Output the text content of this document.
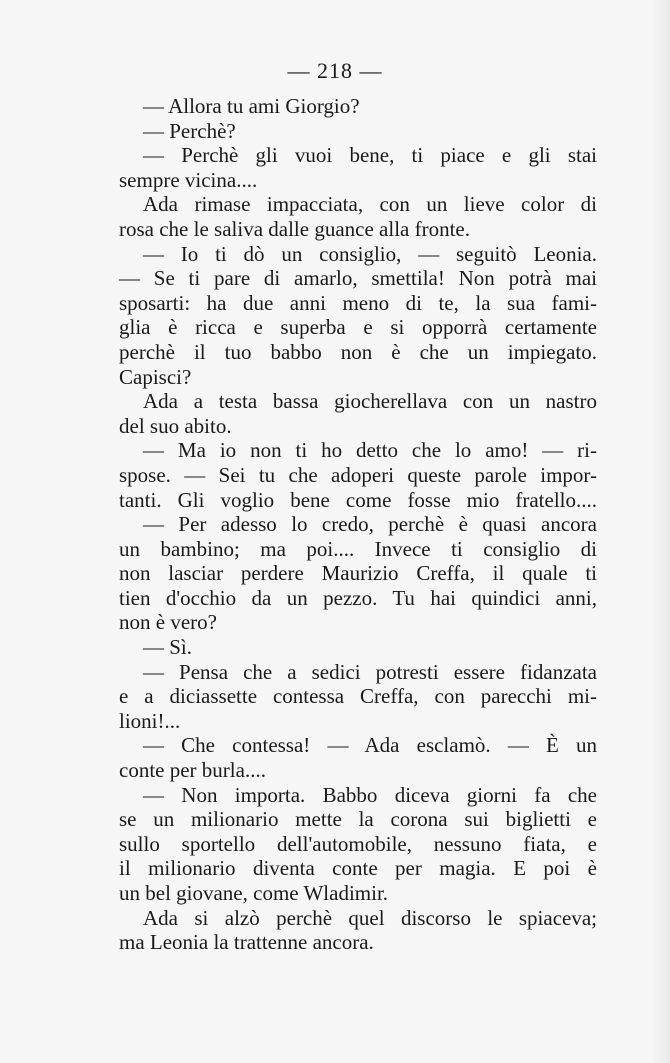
— 218 —
— Allora tu ami Giorgio?
— Perchè?
— Perchè gli vuoi bene, ti piace e gli stai
sempre vicina....
Ada rimase impacciata, con un lieve color di
rosa che le saliva dalle guance alla fronte.
— Io ti dò un consiglio, — seguitò Leonia.
— Se ti pare di amarlo, smettila! Non potrà mai
sposarti: ha due anni meno di te, la sua fami-
glia è ricca e superba e si opporrà certamente
perchè il tuo babbo non è che un impiegato.
Capisci?
Ada a testa bassa giocherellava con un nastro
del suo abito.
— Ma io non ti ho detto che lo amo! — ri-
spose. — Sei tu che adoperi queste parole impor-
tanti. Gli voglio bene come fosse mio fratello....
— Per adesso lo credo, perchè è quasi ancora
un bambino; ma poi.... Invece ti consiglio di
non lasciar perdere Maurizio Creffa, il quale ti
tien d'occhio da un pezzo. Tu hai quindici anni,
non è vero?
— Sì.
— Pensa che a sedici potresti essere fidanzata
e a diciassette contessa Creffa, con parecchi mi-
lioni!...
— Che contessa! — Ada esclamò. — È un
conte per burla....
— Non importa. Babbo diceva giorni fa che
se un milionario mette la corona sui biglietti e
sullo sportello dell'automobile, nessuno fiata, e
il milionario diventa conte per magia. E poi è
un bel giovane, come Wladimir.
Ada si alzò perchè quel discorso le spiaceva;
ma Leonia la trattenne ancora.
